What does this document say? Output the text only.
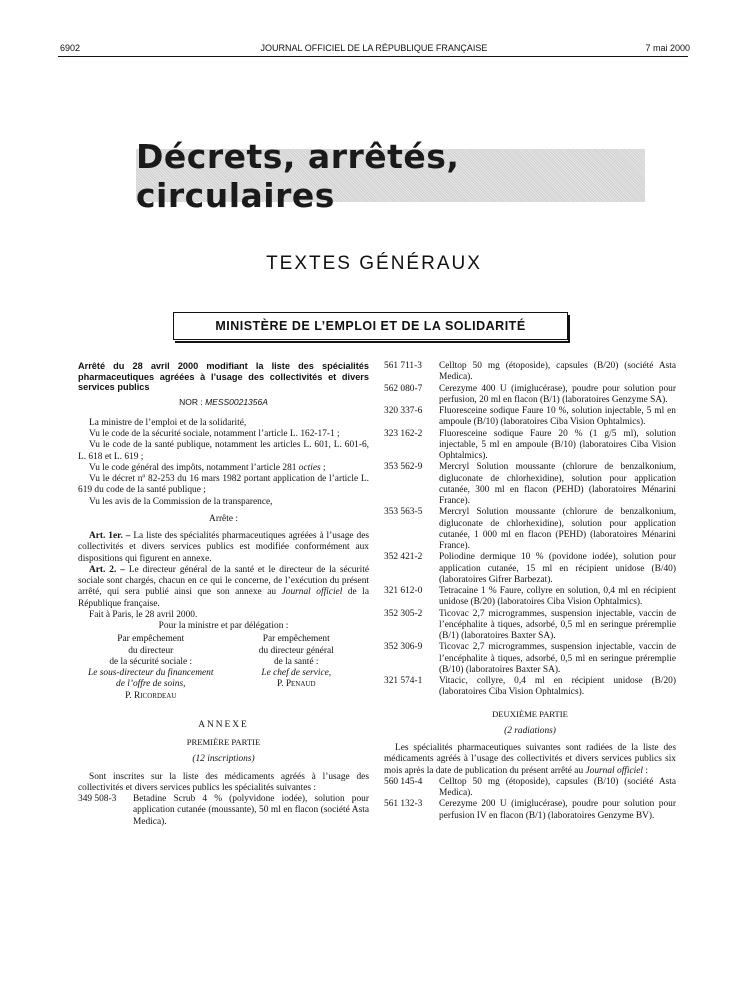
6902	JOURNAL OFFICIEL DE LA RÉPUBLIQUE FRANÇAISE	7 mai 2000
Décrets, arrêtés, circulaires
TEXTES GÉNÉRAUX
MINISTÈRE DE L’EMPLOI ET DE LA SOLIDARITÉ

Arrêté du 28 avril 2000 modifiant la liste des spécialités pharmaceutiques agréées à l’usage des collectivités et divers services publics

NOR : MESS0021356A

La ministre de l’emploi et de la solidarité,

Vu le code de la sécurité sociale, notamment l’article L. 162-17-1 ;

Vu le code de la santé publique, notamment les articles L. 601, L. 601-6, L. 618 et L. 619 ;

Vu le code général des impôts, notamment l’article 281 octies ;

Vu le décret nº 82-253 du 16 mars 1982 portant application de l’article L. 619 du code de la santé publique ;

Vu les avis de la Commission de la transparence,

Arrête :

Art. 1er. – La liste des spécialités pharmaceutiques agréées à l’usage des collectivités et divers services publics est modifiée conformément aux dispositions qui figurent en annexe.

Art. 2. – Le directeur général de la santé et le directeur de la sécurité sociale sont chargés, chacun en ce qui le concerne, de l’exécution du présent arrêté, qui sera publié ainsi que son annexe au Journal officiel de la République française.

Fait à Paris, le 28 avril 2000.

Pour la ministre et par délégation :

Par empêchement
du directeur
de la sécurité sociale :
Le sous-directeur du financement
de l’offre de soins,
P. Ricordeau
Par empêchement
du directeur général
de la santé :
Le chef de service,
P. Penaud

ANNEXE

PREMIÈRE PARTIE

(12 inscriptions)

Sont inscrites sur la liste des médicaments agréés à l’usage des collectivités et divers services publics les spécialités suivantes :

349 508-3	Betadine Scrub 4 % (polyvidone iodée), solution pour application cutanée (moussante), 50 ml en flacon (société Asta Medica).
561 711-3	Celltop 50 mg (étoposide), capsules (B/20) (société Asta Medica).
562 080-7	Cerezyme 400 U (imiglucérase), poudre pour solution pour perfusion, 20 ml en flacon (B/1) (laboratoires Genzyme SA).
320 337-6	Fluoresceine sodique Faure 10 %, solution injectable, 5 ml en ampoule (B/10) (laboratoires Ciba Vision Ophtalmics).
323 162-2	Fluoresceine sodique Faure 20 % (1 g/5 ml), solution injectable, 5 ml en ampoule (B/10) (laboratoires Ciba Vision Ophtalmics).
353 562-9	Mercryl Solution moussante (chlorure de benzalkonium, digluconate de chlorhexidine), solution pour application cutanée, 300 ml en flacon (PEHD) (laboratoires Ménarini France).
353 563-5	Mercryl Solution moussante (chlorure de benzalkonium, digluconate de chlorhexidine), solution pour application cutanée, 1 000 ml en flacon (PEHD) (laboratoires Ménarini France).
352 421-2	Poliodine dermique 10 % (povidone iodée), solution pour application cutanée, 15 ml en récipient unidose (B/40) (laboratoires Gifrer Barbezat).
321 612-0	Tetracaine 1 % Faure, collyre en solution, 0,4 ml en récipient unidose (B/20) (laboratoires Ciba Vision Ophtalmics).
352 305-2	Ticovac 2,7 microgrammes, suspension injectable, vaccin de l’encéphalite à tiques, adsorbé, 0,5 ml en seringue préremplie (B/1) (laboratoires Baxter SA).
352 306-9	Ticovac 2,7 microgrammes, suspension injectable, vaccin de l’encéphalite à tiques, adsorbé, 0,5 ml en seringue préremplie (B/10) (laboratoires Baxter SA).
321 574-1	Vitacic, collyre, 0,4 ml en récipient unidose (B/20) (laboratoires Ciba Vision Ophtalmics).

DEUXIÈME PARTIE

(2 radiations)

Les spécialités pharmaceutiques suivantes sont radiées de la liste des médicaments agréés à l’usage des collectivités et divers services publics six mois après la date de publication du présent arrêté au Journal officiel :

560 145-4	Celltop 50 mg (étoposide), capsules (B/10) (société Asta Medica).
561 132-3	Cerezyme 200 U (imiglucérase), poudre pour solution pour perfusion IV en flacon (B/1) (laboratoires Genzyme BV).
